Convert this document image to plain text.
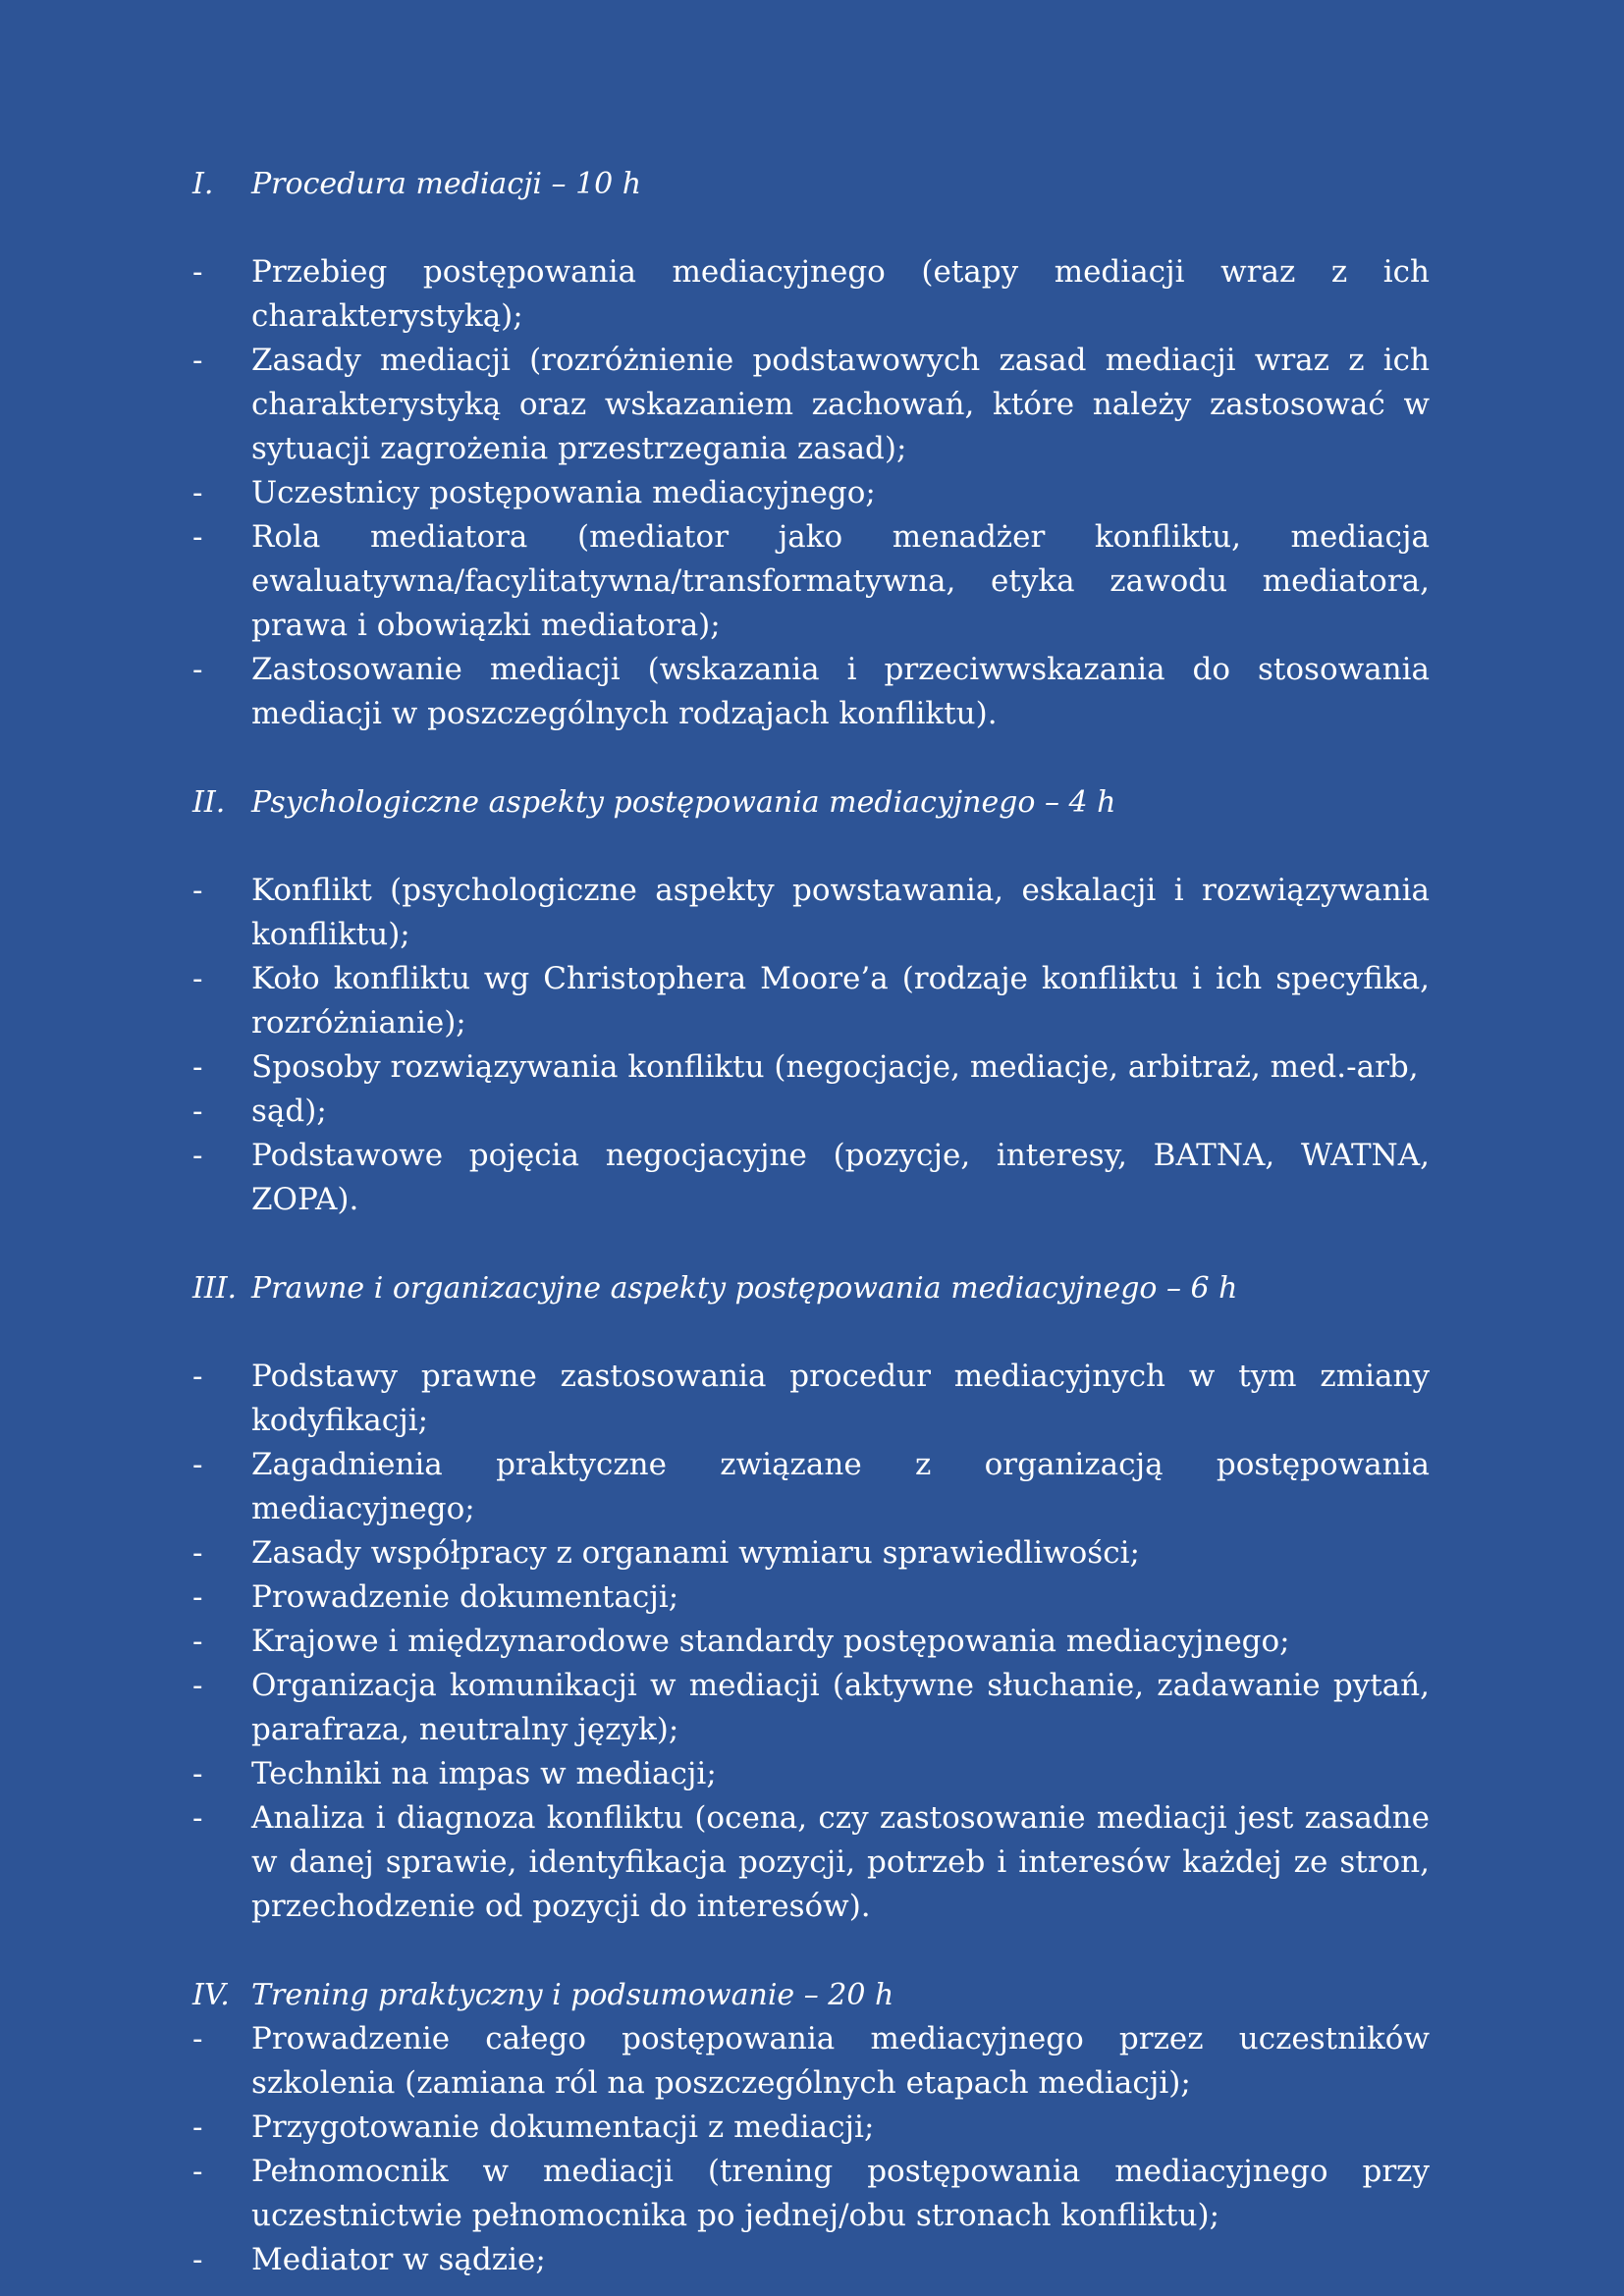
I.	Procedura mediacji – 10 h
-	Przebieg postępowania mediacyjnego (etapy mediacji wraz z ich charakterystyką);
-	Zasady mediacji (rozróżnienie podstawowych zasad mediacji wraz z ich charakterystyką oraz wskazaniem zachowań, które należy zastosować w sytuacji zagrożenia przestrzegania zasad);
-	Uczestnicy postępowania mediacyjnego;
-	Rola mediatora (mediator jako menadżer konfliktu, mediacja ewaluatywna/facylitatywna/transformatywna, etyka zawodu mediatora, prawa i obowiązki mediatora);
-	Zastosowanie mediacji (wskazania i przeciwwskazania do stosowania mediacji w poszczególnych rodzajach konfliktu).
II. Psychologiczne aspekty postępowania mediacyjnego – 4 h
-	Konflikt (psychologiczne aspekty powstawania, eskalacji i rozwiązywania konfliktu);
-	Koło konfliktu wg Christophera Moore’a (rodzaje konfliktu i ich specyfika, rozróżnianie);
-	Sposoby rozwiązywania konfliktu (negocjacje, mediacje, arbitraż, med.-arb,
-	sąd);
-	Podstawowe pojęcia negocjacyjne (pozycje, interesy, BATNA, WATNA, ZOPA).
III. Prawne i organizacyjne aspekty postępowania mediacyjnego – 6 h
-	Podstawy prawne zastosowania procedur mediacyjnych w tym zmiany kodyfikacji;
-	Zagadnienia praktyczne związane z organizacją postępowania mediacyjnego;
-	Zasady współpracy z organami wymiaru sprawiedliwości;
-	Prowadzenie dokumentacji;
-	Krajowe i międzynarodowe standardy postępowania mediacyjnego;
-	Organizacja komunikacji w mediacji (aktywne słuchanie, zadawanie pytań, parafraza, neutralny język);
-	Techniki na impas w mediacji;
-	Analiza i diagnoza konfliktu (ocena, czy zastosowanie mediacji jest zasadne w danej sprawie, identyfikacja pozycji, potrzeb i interesów każdej ze stron, przechodzenie od pozycji do interesów).
IV. Trening praktyczny i podsumowanie – 20 h
-	Prowadzenie całego postępowania mediacyjnego przez uczestników szkolenia (zamiana ról na poszczególnych etapach mediacji);
-	Przygotowanie dokumentacji z mediacji;
-	Pełnomocnik w mediacji (trening postępowania mediacyjnego przy uczestnictwie pełnomocnika po jednej/obu stronach konfliktu);
-	Mediator w sądzie;
